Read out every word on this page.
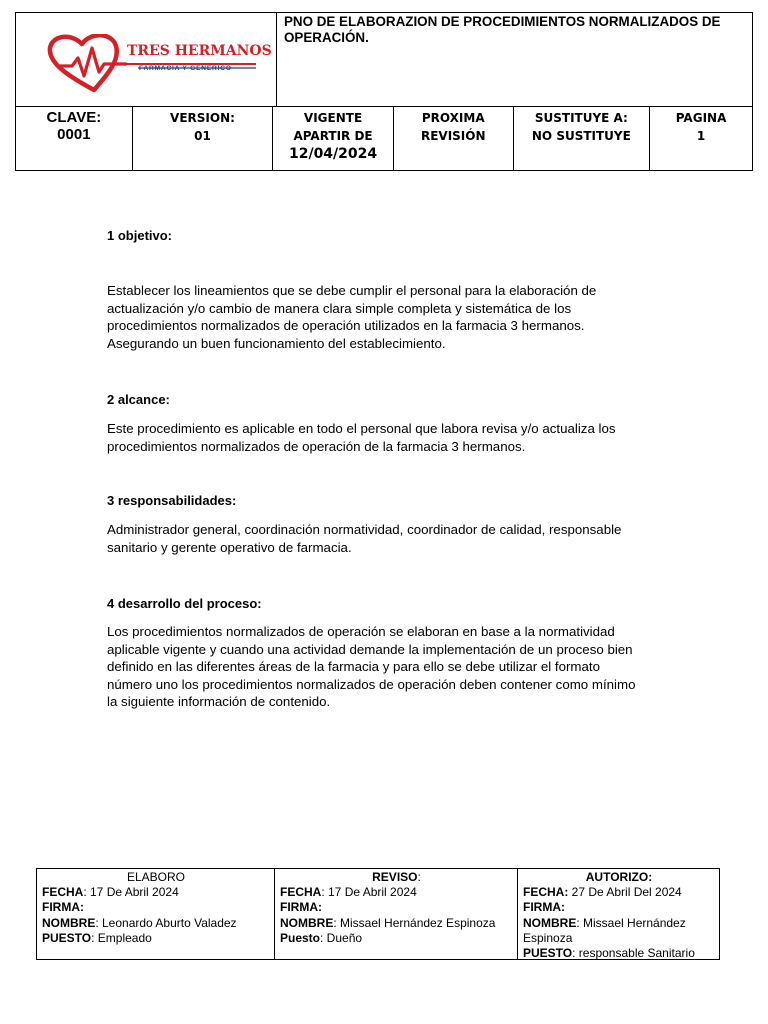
TRES HERMANOS
FARMACIA Y GENERICO
PNO DE ELABORAZION DE PROCEDIMIENTOS NORMALIZADOS DE OPERACIÓN.
CLAVE:
0001
VERSION:
01
VIGENTE
APARTIR DE
12/04/2024
PROXIMA
REVISIÓN
SUSTITUYE A:
NO SUSTITUYE
PAGINA
1
1 objetivo:
Establecer los lineamientos que se debe cumplir el personal para la elaboración de
actualización y/o cambio de manera clara simple completa y sistemática de los
procedimientos normalizados de operación utilizados en la farmacia 3 hermanos.
Asegurando un buen funcionamiento del establecimiento.
2 alcance:
Este procedimiento es aplicable en todo el personal que labora revisa y/o actualiza los
procedimientos normalizados de operación de la farmacia 3 hermanos.
3 responsabilidades:
Administrador general, coordinación normatividad, coordinador de calidad, responsable
sanitario y gerente operativo de farmacia.
4 desarrollo del proceso:
Los procedimientos normalizados de operación se elaboran en base a la normatividad
aplicable vigente y cuando una actividad demande la implementación de un proceso bien
definido en las diferentes áreas de la farmacia y para ello se debe utilizar el formato
número uno los procedimientos normalizados de operación deben contener como mínimo
la siguiente información de contenido.
ELABORO
FECHA: 17 De Abril 2024
FIRMA:
NOMBRE: Leonardo Aburto Valadez
PUESTO: Empleado
REVISO:
FECHA: 17 De Abril 2024
FIRMA:
NOMBRE: Missael Hernández Espinoza
Puesto: Dueño
AUTORIZO:
FECHA: 27 De Abril Del 2024
FIRMA:
NOMBRE: Missael Hernández Espinoza
PUESTO: responsable Sanitario
